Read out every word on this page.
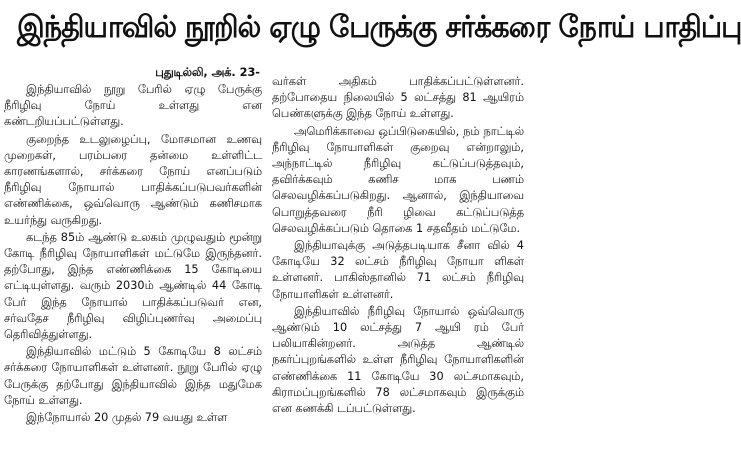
இந்தியாவில் நூறில் ஏழு பேருக்கு சர்க்கரை நோய் பாதிப்பு
புதுடில்லி, அக். 23-

இந்தியாவில் நூறு பேரில் ஏழு பேருக்கு நீரிழிவு நோய் உள்ளது என கண்டறியப்பட்டுள்ளது.

குறைந்த உடலுழைப்பு, மோசமான உணவு முறைகள், பரம்பரை தன்மை உள்ளிட்ட காரணங்களால், சர்க்கரை நோய் எனப்படும் நீரிழிவு நோயால் பாதிக்கப்படுபவர்களின் எண்ணிக்கை, ஒவ்வொரு ஆண்டும் கணிசமாக உயர்ந்து வருகிறது.

கடந்த 85ம் ஆண்டு உலகம் முழுவதும் மூன்று கோடி நீரிழிவு நோயாளிகள் மட்டுமே இருந்தனர். தற்போது, இந்த எண்ணிக்கை 15 கோடியை எட்டியுள்ளது. வரும் 2030ம் ஆண்டில் 44 கோடி பேர் இந்த நோயால் பாதிக்கப்படுவர் என, சர்வதேச நீரிழிவு விழிப்புணர்வு அமைப்பு தெரிவித்துள்ளது.

இந்தியாவில் மட்டும் 5 கோடியே 8 லட்சம் சர்க்கரை நோயாளிகள் உள்ளனர். நூறு பேரில் ஏழு பேருக்கு தற்போது இந்தியாவில் இந்த மதுமேக நோய் உள்ளது.

இந்நோயால் 20 முதல் 79 வயது உள்ள

வர்கள் அதிகம் பாதிக்கப்பட்டுள்ளனர். தற்போதைய நிலையில் 5 லட்சத்து 81 ஆயிரம் பெண்களுக்கு இந்த நோய் உள்ளது.

அமெரிக்காவை ஒப்பிடுகையில், நம் நாட்டில் நீரிழிவு நோயாளிகள் குறைவு என்றாலும், அந்நாட்டில் நீரிழிவு கட்டுப்படுத்தவும், தவிர்க்கவும் கணிச மாக பணம் செலவழிக்கப்படுகிறது. ஆனால், இந்தியாவை பொறுத்தவரை நீரி ழிவை கட்டுப்படுத்த செலவழிக்கப்படும் தொகை 1 சதவீதம் மட்டுமே.

இந்தியாவுக்கு அடுத்தபடியாக சீனா வில் 4 கோடியே 32 லட்சம் நீரிழிவு நோயா ளிகள் உள்ளனர். பாகிஸ்தானில் 71 லட்சம் நீரிழிவு நோயாளிகள் உள்ளனர்.

இந்தியாவில் நீரிழிவு நோயால் ஒவ்வொரு ஆண்டும் 10 லட்சத்து 7 ஆயி ரம் பேர் பலியாகின்றனர். அடுத்த ஆண்டில் நகர்ப்புறங்களில் உள்ள நீரிழிவு நோயாளிகளின் எண்ணிக்கை 11 கோடியே 30 லட்சமாகவும், கிராமப்புறங்களில் 78 லட்சமாகவும் இருக்கும் என கணக்கி டப்பட்டுள்ளது.
